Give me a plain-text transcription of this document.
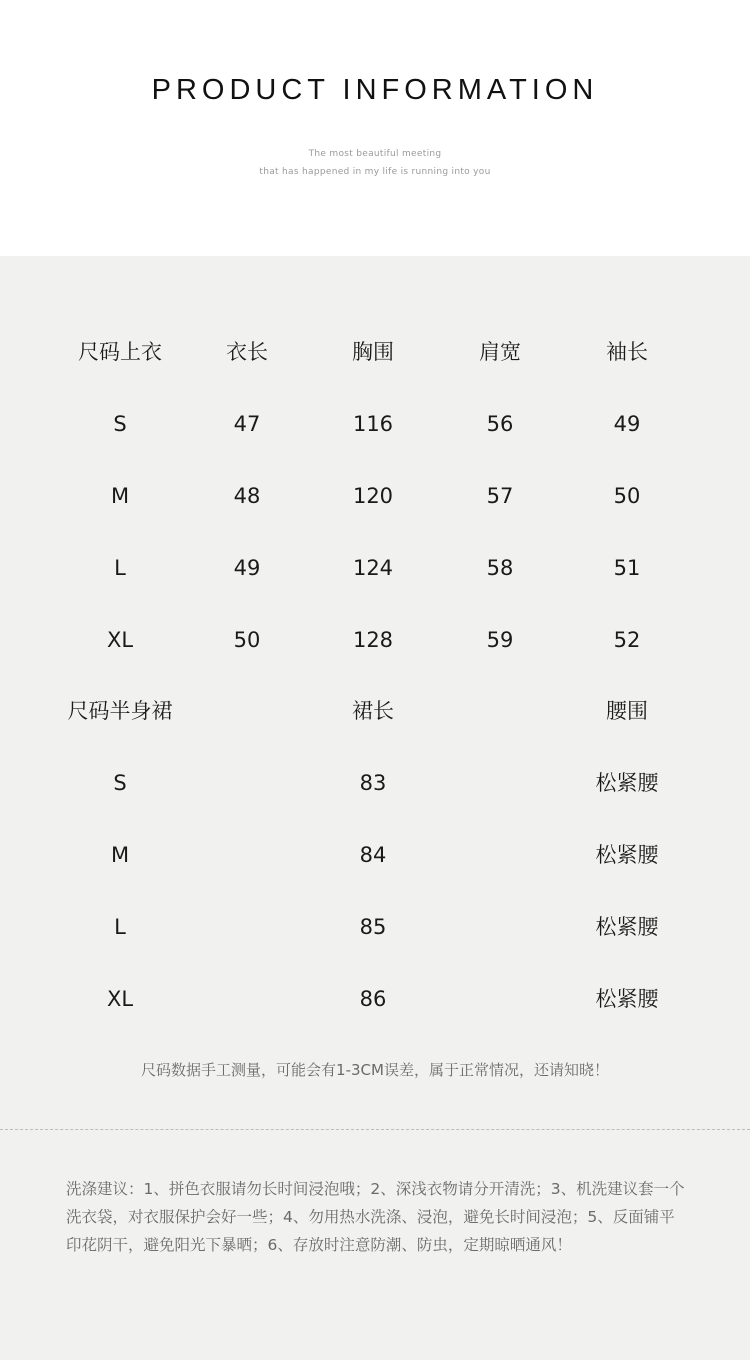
PRODUCT INFORMATION
The most beautiful meeting
that has happened in my life is running into you
尺码上衣	衣长	胸围	肩宽	袖长
S	47	116	56	49
M	48	120	57	50
L	49	124	58	51
XL	50	128	59	52
尺码半身裙	裙长	腰围
S	83	松紧腰
M	84	松紧腰
L	85	松紧腰
XL	86	松紧腰
尺码数据手工测量，可能会有1-3CM误差，属于正常情况，还请知晓！
洗涤建议：1、拼色衣服请勿长时间浸泡哦；2、深浅衣物请分开清洗；3、机洗建议套一个洗衣袋，对衣服保护会好一些；4、勿用热水洗涤、浸泡，避免长时间浸泡；5、反面铺平印花阴干，避免阳光下暴晒；6、存放时注意防潮、防虫，定期晾晒通风！
